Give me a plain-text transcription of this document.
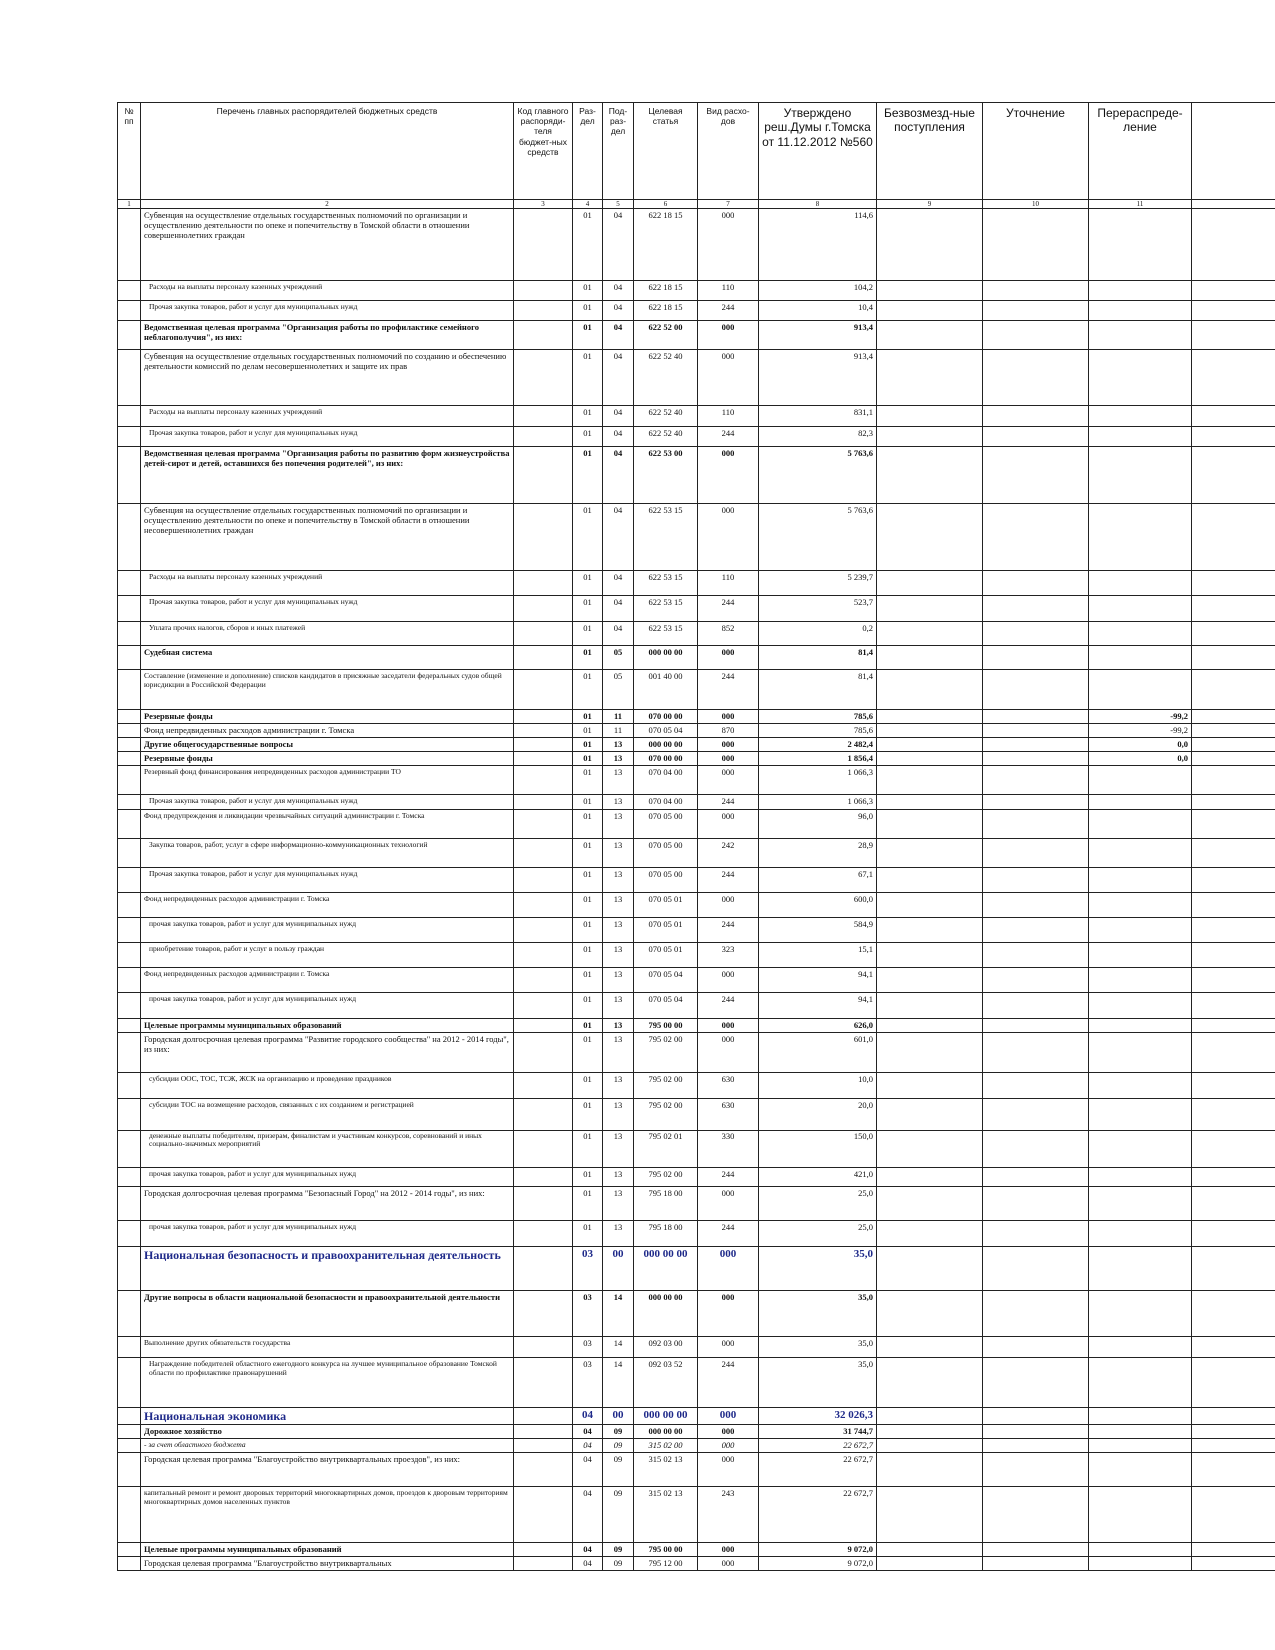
№ пп	Перечень главных распорядителей бюджетных средств	Код главного распоряди-теля бюджет-ных средств	Раз-дел	Под-раз-дел	Целевая статья	Вид расхо-дов	Утверждено реш.Думы г.Томска от 11.12.2012 №560	Безвозмезд-ные поступления	Уточнение	Перераспреде-ление	
1	2	3	4	5	6	7	8	9	10	11	
	Субвенция на осуществление отдельных государственных полномочий по организации и осуществлению деятельности по опеке и попечительству в Томской области в отношении совершеннолетних граждан		01	04	622 18 15	000	114,6				
	Расходы на выплаты персоналу казенных учреждений		01	04	622 18 15	110	104,2				
	Прочая закупка товаров, работ и услуг для муниципальных нужд		01	04	622 18 15	244	10,4				
	Ведомственная целевая программа "Организация работы по профилактике семейного неблагополучия", из них:		01	04	622 52 00	000	913,4				
	Субвенция на осуществление отдельных государственных полномочий по созданию и обеспечению деятельности комиссий по делам несовершеннолетних и защите их прав		01	04	622 52 40	000	913,4				
	Расходы на выплаты персоналу казенных учреждений		01	04	622 52 40	110	831,1				
	Прочая закупка товаров, работ и услуг для муниципальных нужд		01	04	622 52 40	244	82,3				
	Ведомственная целевая программа "Организация работы по развитию форм жизнеустройства детей-сирот и детей, оставшихся без попечения родителей", из них:		01	04	622 53 00	000	5 763,6				
	Субвенция на осуществление отдельных государственных полномочий по организации и осуществлению деятельности по опеке и попечительству в Томской области в отношении несовершеннолетних граждан		01	04	622 53 15	000	5 763,6				
	Расходы на выплаты персоналу казенных учреждений		01	04	622 53 15	110	5 239,7				
	Прочая закупка товаров, работ и услуг для муниципальных нужд		01	04	622 53 15	244	523,7				
	Уплата прочих налогов, сборов и иных платежей		01	04	622 53 15	852	0,2				
	Судебная система		01	05	000 00 00	000	81,4				
	Составление (изменение и дополнение) списков кандидатов в присяжные заседатели федеральных судов общей юрисдикции в Российской Федерации		01	05	001 40 00	244	81,4				
	Резервные фонды		01	11	070 00 00	000	785,6			-99,2	
	Фонд непредвиденных расходов администрации г. Томска		01	11	070 05 04	870	785,6			-99,2	
	Другие общегосударственные вопросы		01	13	000 00 00	000	2 482,4			0,0	
	Резервные фонды		01	13	070 00 00	000	1 856,4			0,0	
	Резервный фонд финансирования непредвиденных расходов администрации ТО		01	13	070 04 00	000	1 066,3				
	Прочая закупка товаров, работ и услуг для муниципальных нужд		01	13	070 04 00	244	1 066,3				
	Фонд предупреждения и ликвидации чрезвычайных ситуаций администрации г. Томска		01	13	070 05 00	000	96,0				
	Закупка товаров, работ, услуг в сфере информационно-коммуникационных технологий		01	13	070 05 00	242	28,9				
	Прочая закупка товаров, работ и услуг для муниципальных нужд		01	13	070 05 00	244	67,1				
	Фонд непредвиденных расходов администрации г. Томска		01	13	070 05 01	000	600,0				
	прочая закупка товаров, работ и услуг для муниципальных нужд		01	13	070 05 01	244	584,9				
	приобретение товаров, работ и услуг в пользу граждан		01	13	070 05 01	323	15,1				
	Фонд непредвиденных расходов администрации г. Томска		01	13	070 05 04	000	94,1				
	прочая закупка товаров, работ и услуг для муниципальных нужд		01	13	070 05 04	244	94,1				
	Целевые программы муниципальных образований		01	13	795 00 00	000	626,0				
	Городская долгосрочная целевая программа "Развитие городского сообщества" на 2012 - 2014 годы", из них:		01	13	795 02 00	000	601,0				
	субсидии ООС, ТОС, ТСЖ, ЖСК на организацию и проведение праздников		01	13	795 02 00	630	10,0				
	субсидии ТОС на возмещение расходов, связанных с их созданием и регистрацией		01	13	795 02 00	630	20,0				
	денежные выплаты победителям, призерам, финалистам и участникам конкурсов, соревнований и иных социально-значимых мероприятий		01	13	795 02 01	330	150,0				
	прочая закупка товаров, работ и услуг для муниципальных нужд		01	13	795 02 00	244	421,0				
	Городская долгосрочная целевая программа "Безопасный Город" на 2012 - 2014 годы", из них:		01	13	795 18 00	000	25,0				
	прочая закупка товаров, работ и услуг для муниципальных нужд		01	13	795 18 00	244	25,0				
	Национальная безопасность и правоохранительная деятельность		03	00	000 00 00	000	35,0				
	Другие вопросы в области национальной безопасности и правоохранительной деятельности		03	14	000 00 00	000	35,0				
	Выполнение других обязательств государства		03	14	092 03 00	000	35,0				
	Награждение победителей областного ежегодного конкурса на лучшее муниципальное образование Томской области по профилактике правонарушений		03	14	092 03 52	244	35,0				
	Национальная экономика		04	00	000 00 00	000	32 026,3				
	Дорожное хозяйство		04	09	000 00 00	000	31 744,7				
	- за счет областного бюджета		04	09	315 02 00	000	22 672,7				
	Городская целевая программа "Благоустройство внутриквартальных проездов", из них:		04	09	315 02 13	000	22 672,7				
	капитальный ремонт и ремонт дворовых территорий многоквартирных домов, проездов к дворовым территориям многоквартирных домов населенных пунктов		04	09	315 02 13	243	22 672,7				
	Целевые программы муниципальных образований		04	09	795 00 00	000	9 072,0				
	Городская целевая программа "Благоустройство внутриквартальных		04	09	795 12 00	000	9 072,0				
